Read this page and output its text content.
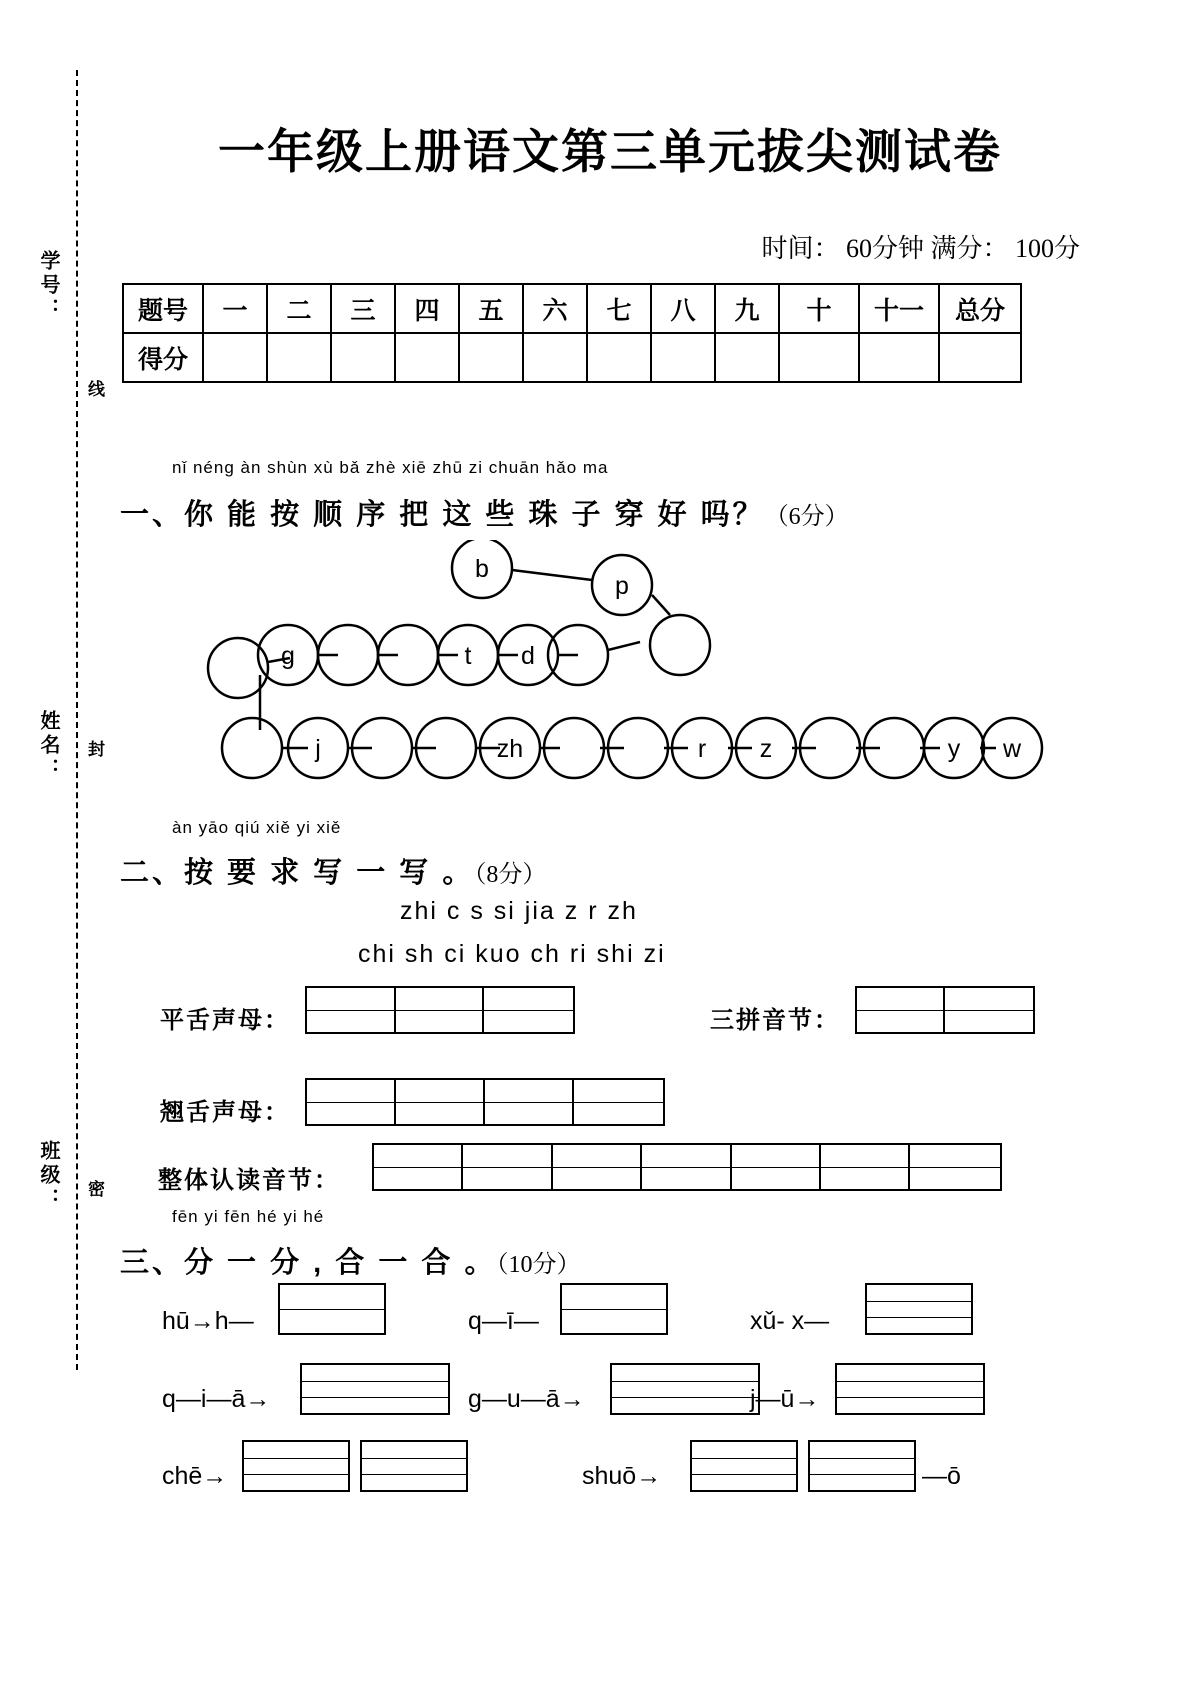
学号：
线
姓名： 封
班级： 密
一年级上册语文第三单元拔尖测试卷
时间： 60分钟 满分： 100分
题号	一	二	三	四	五	六	七	八	九	十	十一	总分
得分												
nǐ néng àn shùn xù bǎ zhè xiē zhū zi chuān hǎo ma
一、你 能 按 顺 序 把 这 些 珠 子 穿 好 吗？（6分）
b
p
g	t d
j	zh	r z	y w
àn yāo qiú xiě yi xiě
二、按 要 求 写 一 写 。（8分）
zhi c s si jia z r zh
chi sh ci kuo ch ri shi zi
平舌声母：	三拼音节：
翘舌声母：
整体认读音节：
fēn yi fēn hé yi hé
三、分 一 分 , 合 一 合 。（10分）
hū→h—	q—ī—	xǔ- x—
q—i—ā→	g—u—ā→	j—ū→
chē→	shuō→	—ō
